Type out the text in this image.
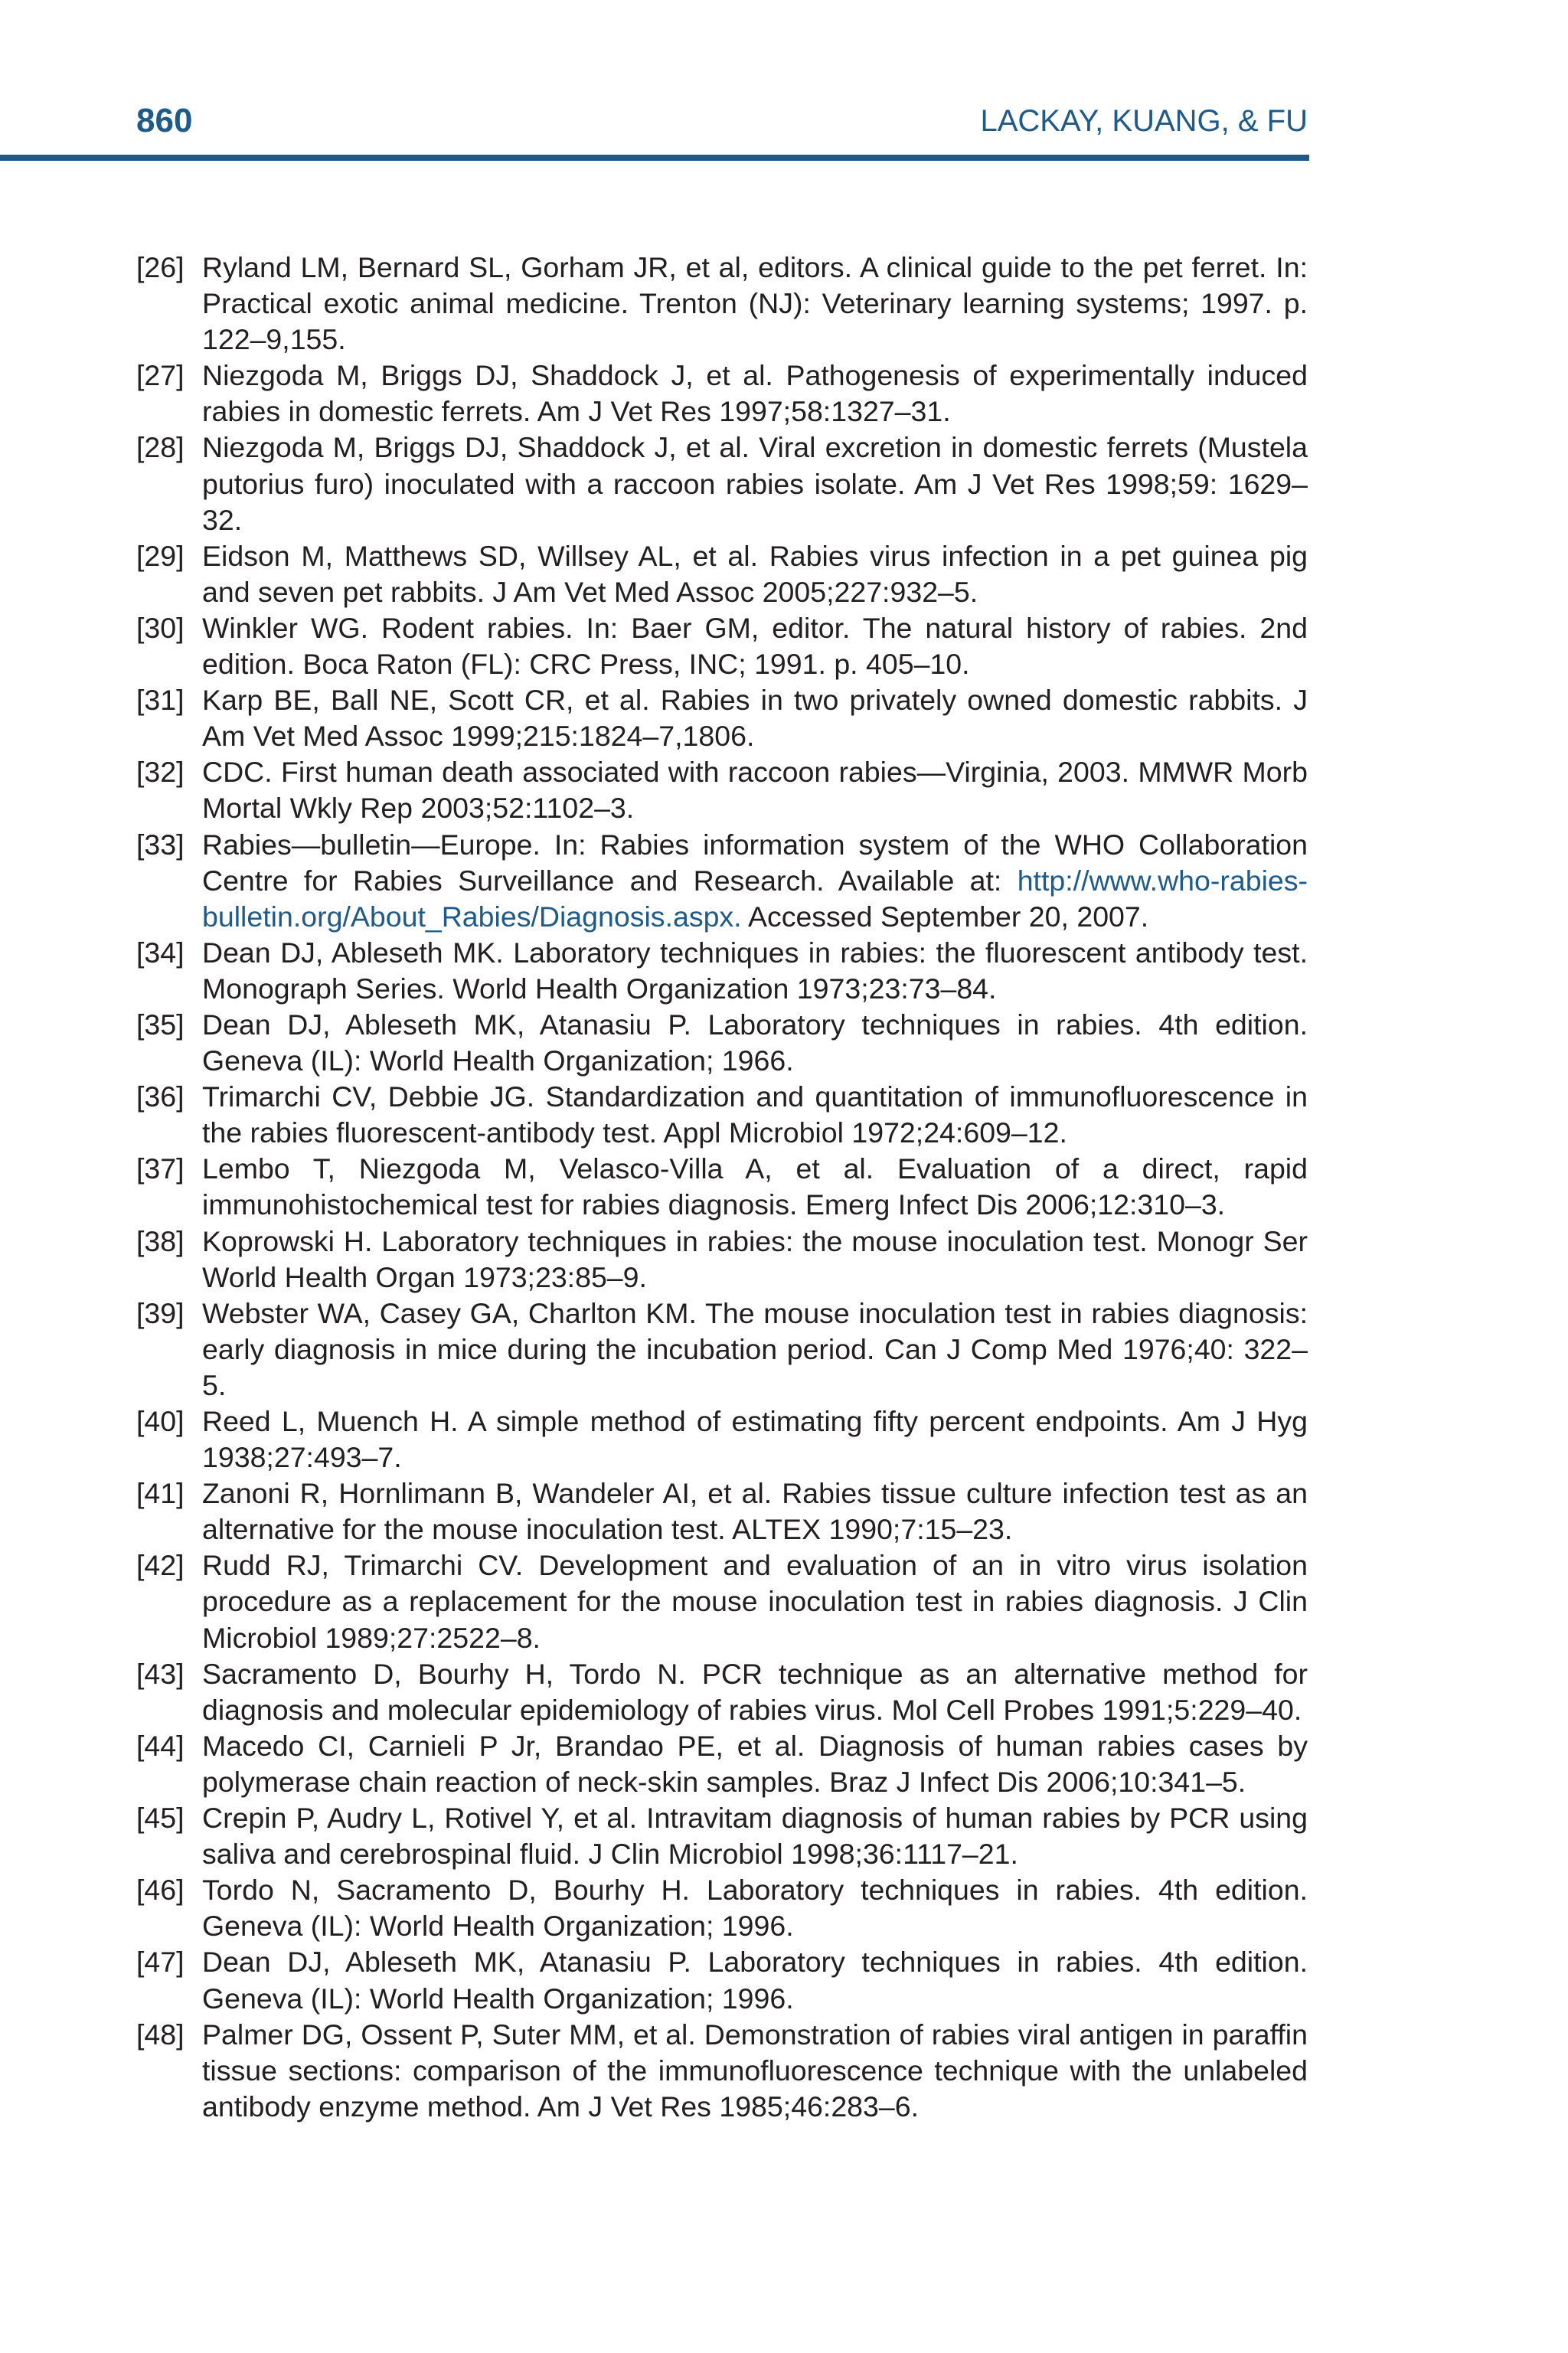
860	LACKAY, KUANG, & FU
[26] Ryland LM, Bernard SL, Gorham JR, et al, editors. A clinical guide to the pet ferret. In: Practical exotic animal medicine. Trenton (NJ): Veterinary learning systems; 1997. p. 122–9,155.
[27] Niezgoda M, Briggs DJ, Shaddock J, et al. Pathogenesis of experimentally induced rabies in domestic ferrets. Am J Vet Res 1997;58:1327–31.
[28] Niezgoda M, Briggs DJ, Shaddock J, et al. Viral excretion in domestic ferrets (Mustela putorius furo) inoculated with a raccoon rabies isolate. Am J Vet Res 1998;59: 1629–32.
[29] Eidson M, Matthews SD, Willsey AL, et al. Rabies virus infection in a pet guinea pig and seven pet rabbits. J Am Vet Med Assoc 2005;227:932–5.
[30] Winkler WG. Rodent rabies. In: Baer GM, editor. The natural history of rabies. 2nd edition. Boca Raton (FL): CRC Press, INC; 1991. p. 405–10.
[31] Karp BE, Ball NE, Scott CR, et al. Rabies in two privately owned domestic rabbits. J Am Vet Med Assoc 1999;215:1824–7,1806.
[32] CDC. First human death associated with raccoon rabies—Virginia, 2003. MMWR Morb Mortal Wkly Rep 2003;52:1102–3.
[33] Rabies—bulletin—Europe. In: Rabies information system of the WHO Collaboration Centre for Rabies Surveillance and Research. Available at: http://www.who-rabies-bulletin.org/About_Rabies/Diagnosis.aspx. Accessed September 20, 2007.
[34] Dean DJ, Ableseth MK. Laboratory techniques in rabies: the fluorescent antibody test. Monograph Series. World Health Organization 1973;23:73–84.
[35] Dean DJ, Ableseth MK, Atanasiu P. Laboratory techniques in rabies. 4th edition. Geneva (IL): World Health Organization; 1966.
[36] Trimarchi CV, Debbie JG. Standardization and quantitation of immunofluorescence in the rabies fluorescent-antibody test. Appl Microbiol 1972;24:609–12.
[37] Lembo T, Niezgoda M, Velasco-Villa A, et al. Evaluation of a direct, rapid immunohistochemical test for rabies diagnosis. Emerg Infect Dis 2006;12:310–3.
[38] Koprowski H. Laboratory techniques in rabies: the mouse inoculation test. Monogr Ser World Health Organ 1973;23:85–9.
[39] Webster WA, Casey GA, Charlton KM. The mouse inoculation test in rabies diagnosis: early diagnosis in mice during the incubation period. Can J Comp Med 1976;40: 322–5.
[40] Reed L, Muench H. A simple method of estimating fifty percent endpoints. Am J Hyg 1938;27:493–7.
[41] Zanoni R, Hornlimann B, Wandeler AI, et al. Rabies tissue culture infection test as an alternative for the mouse inoculation test. ALTEX 1990;7:15–23.
[42] Rudd RJ, Trimarchi CV. Development and evaluation of an in vitro virus isolation procedure as a replacement for the mouse inoculation test in rabies diagnosis. J Clin Microbiol 1989;27:2522–8.
[43] Sacramento D, Bourhy H, Tordo N. PCR technique as an alternative method for diagnosis and molecular epidemiology of rabies virus. Mol Cell Probes 1991;5:229–40.
[44] Macedo CI, Carnieli P Jr, Brandao PE, et al. Diagnosis of human rabies cases by polymerase chain reaction of neck-skin samples. Braz J Infect Dis 2006;10:341–5.
[45] Crepin P, Audry L, Rotivel Y, et al. Intravitam diagnosis of human rabies by PCR using saliva and cerebrospinal fluid. J Clin Microbiol 1998;36:1117–21.
[46] Tordo N, Sacramento D, Bourhy H. Laboratory techniques in rabies. 4th edition. Geneva (IL): World Health Organization; 1996.
[47] Dean DJ, Ableseth MK, Atanasiu P. Laboratory techniques in rabies. 4th edition. Geneva (IL): World Health Organization; 1996.
[48] Palmer DG, Ossent P, Suter MM, et al. Demonstration of rabies viral antigen in paraffin tissue sections: comparison of the immunofluorescence technique with the unlabeled antibody enzyme method. Am J Vet Res 1985;46:283–6.
